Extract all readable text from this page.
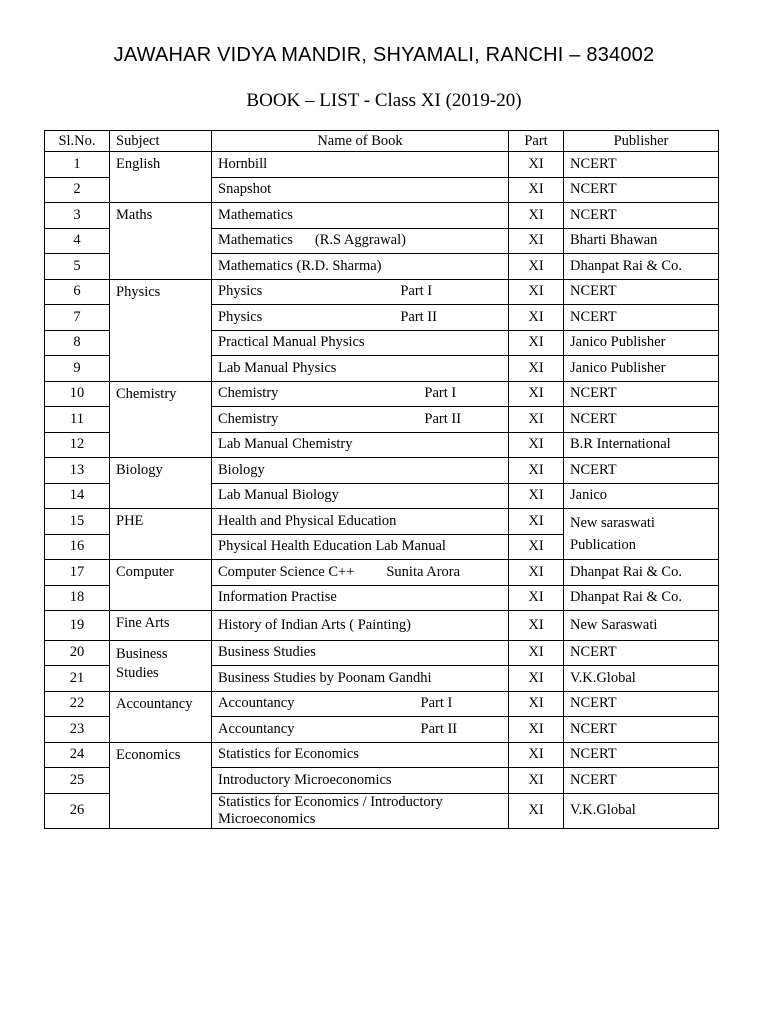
JAWAHAR VIDYA MANDIR, SHYAMALI, RANCHI – 834002
BOOK – LIST - Class XI (2019-20)
Sl.No.	Subject	Name of Book	Part	Publisher
1	English	Hornbill	XI	NCERT
2		Snapshot	XI	NCERT
3	Maths	Mathematics	XI	NCERT
4		Mathematics (R.S Aggrawal)	XI	Bharti Bhawan
5		Mathematics (R.D. Sharma)	XI	Dhanpat Rai & Co.
6	Physics	Physics Part I	XI	NCERT
7		Physics Part II	XI	NCERT
8		Practical Manual Physics	XI	Janico Publisher
9		Lab Manual Physics	XI	Janico Publisher
10	Chemistry	Chemistry Part I	XI	NCERT
11		Chemistry Part II	XI	NCERT
12		Lab Manual Chemistry	XI	B.R International
13	Biology	Biology	XI	NCERT
14		Lab Manual Biology	XI	Janico
15	PHE	Health and Physical Education	XI	New saraswati Publication
16		Physical Health Education Lab Manual	XI	
17	Computer	Computer Science C++ Sunita Arora	XI	Dhanpat Rai & Co.
18		Information Practise	XI	Dhanpat Rai & Co.
19	Fine Arts	History of Indian Arts ( Painting)	XI	New Saraswati
20	Business Studies	Business Studies	XI	NCERT
21		Business Studies by Poonam Gandhi	XI	V.K.Global
22	Accountancy	Accountancy Part I	XI	NCERT
23		Accountancy Part II	XI	NCERT
24	Economics	Statistics for Economics	XI	NCERT
25		Introductory Microeconomics	XI	NCERT
26		Statistics for Economics / Introductory Microeconomics	XI	V.K.Global
